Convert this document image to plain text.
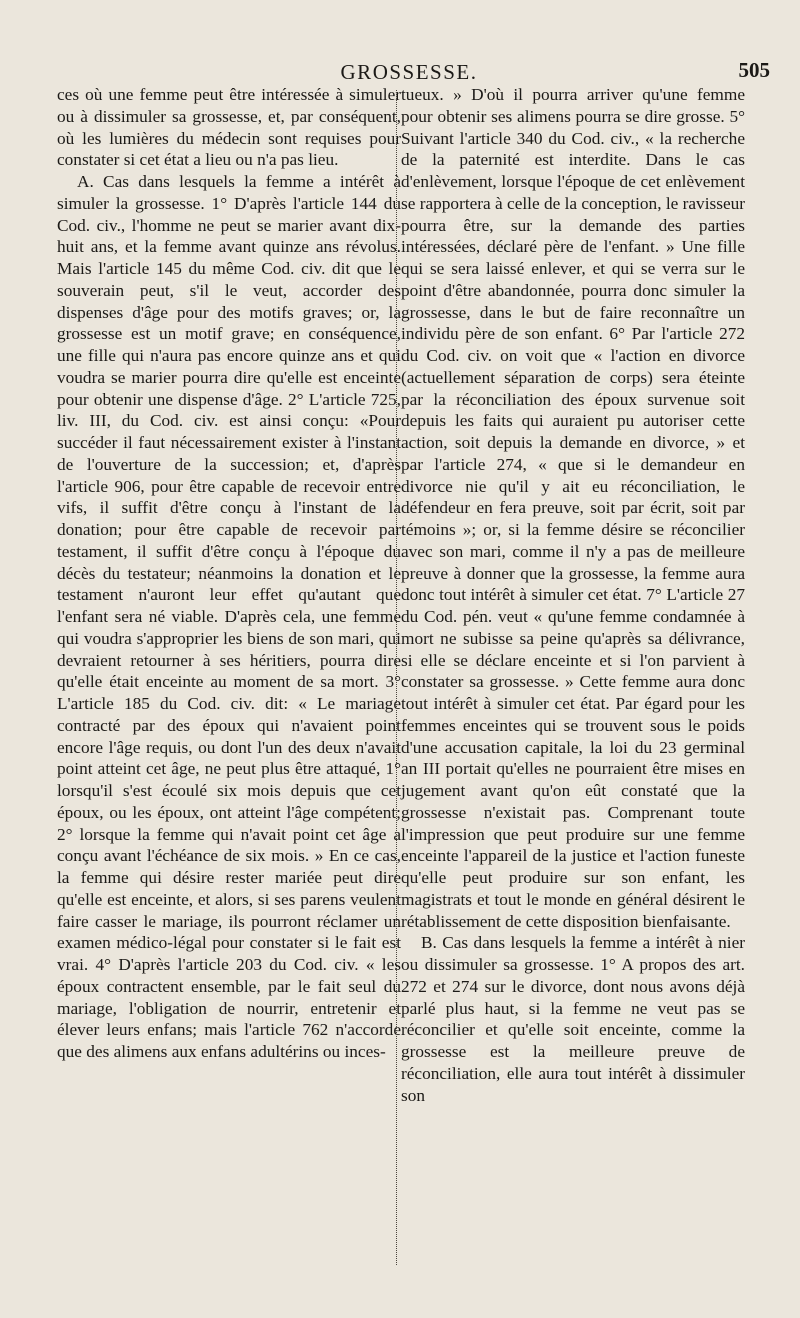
GROSSESSE.	505

ces où une femme peut être intéressée à simuler ou à dissimuler sa grossesse, et, par conséquent, où les lumières du médecin sont requises pour constater si cet état a lieu ou n'a pas lieu.

A. Cas dans lesquels la femme a intérêt à simuler la grossesse. 1° D'après l'article 144 du Cod. civ., l'homme ne peut se marier avant dix-huit ans, et la femme avant quinze ans révolus. Mais l'article 145 du même Cod. civ. dit que le souverain peut, s'il le veut, accorder des dispenses d'âge pour des motifs graves; or, la grossesse est un motif grave; en conséquence, une fille qui n'aura pas encore quinze ans et qui voudra se marier pourra dire qu'elle est enceinte pour obtenir une dispense d'âge. 2° L'article 725, liv. III, du Cod. civ. est ainsi conçu: «Pour succéder il faut nécessairement exister à l'instant de l'ouverture de la succession; et, d'après l'article 906, pour être capable de recevoir entre vifs, il suffit d'être conçu à l'instant de la donation; pour être capable de recevoir par testament, il suffit d'être conçu à l'époque du décès du testateur; néanmoins la donation et le testament n'auront leur effet qu'autant que l'enfant sera né viable. D'après cela, une femme qui voudra s'approprier les biens de son mari, qui devraient retourner à ses héritiers, pourra dire qu'elle était enceinte au moment de sa mort. 3° L'article 185 du Cod. civ. dit: « Le mariage contracté par des époux qui n'avaient point encore l'âge requis, ou dont l'un des deux n'avait point atteint cet âge, ne peut plus être attaqué, 1° lorsqu'il s'est écoulé six mois depuis que cet époux, ou les époux, ont atteint l'âge compétent; 2° lorsque la femme qui n'avait point cet âge a conçu avant l'échéance de six mois. » En ce cas, la femme qui désire rester mariée peut dire qu'elle est enceinte, et alors, si ses parens veulent faire casser le mariage, ils pourront réclamer un examen médico-légal pour constater si le fait est vrai. 4° D'après l'article 203 du Cod. civ. « les époux contractent ensemble, par le fait seul du mariage, l'obligation de nourrir, entretenir et élever leurs enfans; mais l'article 762 n'accorde que des alimens aux enfans adultérins ou inces-

tueux. » D'où il pourra arriver qu'une femme pour obtenir ses alimens pourra se dire grosse. 5° Suivant l'article 340 du Cod. civ., « la recherche de la paternité est interdite. Dans le cas d'enlèvement, lorsque l'époque de cet enlèvement se rapportera à celle de la conception, le ravisseur pourra être, sur la demande des parties intéressées, déclaré père de l'enfant. » Une fille qui se sera laissé enlever, et qui se verra sur le point d'être abandonnée, pourra donc simuler la grossesse, dans le but de faire reconnaître un individu père de son enfant. 6° Par l'article 272 du Cod. civ. on voit que « l'action en divorce (actuellement séparation de corps) sera éteinte par la réconciliation des époux survenue soit depuis les faits qui auraient pu autoriser cette action, soit depuis la demande en divorce, » et par l'article 274, « que si le demandeur en divorce nie qu'il y ait eu réconciliation, le défendeur en fera preuve, soit par écrit, soit par témoins »; or, si la femme désire se réconcilier avec son mari, comme il n'y a pas de meilleure preuve à donner que la grossesse, la femme aura donc tout intérêt à simuler cet état. 7° L'article 27 du Cod. pén. veut « qu'une femme condamnée à mort ne subisse sa peine qu'après sa délivrance, si elle se déclare enceinte et si l'on parvient à constater sa grossesse. » Cette femme aura donc tout intérêt à simuler cet état. Par égard pour les femmes enceintes qui se trouvent sous le poids d'une accusation capitale, la loi du 23 germinal an III portait qu'elles ne pourraient être mises en jugement avant qu'on eût constaté que la grossesse n'existait pas. Comprenant toute l'impression que peut produire sur une femme enceinte l'appareil de la justice et l'action funeste qu'elle peut produire sur son enfant, les magistrats et tout le monde en général désirent le rétablissement de cette disposition bienfaisante.

B. Cas dans lesquels la femme a intérêt à nier ou dissimuler sa grossesse. 1° A propos des art. 272 et 274 sur le divorce, dont nous avons déjà parlé plus haut, si la femme ne veut pas se réconcilier et qu'elle soit enceinte, comme la grossesse est la meilleure preuve de réconciliation, elle aura tout intérêt à dissimuler son
